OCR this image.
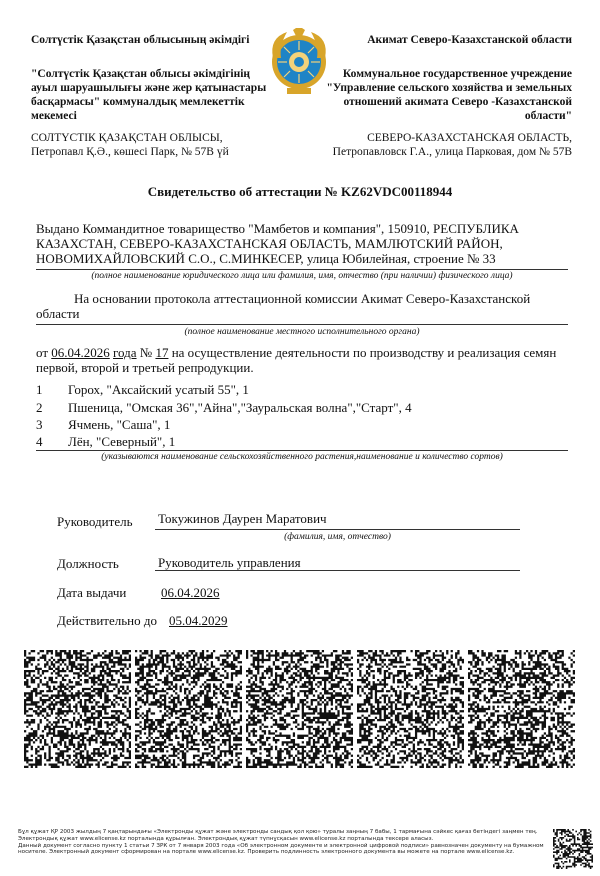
Солтүстік Қазақстан облысының әкімдігі
"Солтүстік Қазақстан облысы әкімдігінің ауыл шаруашылығы және жер қатынастары басқармасы" коммуналдық мемлекеттік мекемесі
СОЛТҮСТІК ҚАЗАҚСТАН ОБЛЫСЫ, Петропавл Қ.Ә., көшесі Парк, № 57В үй
Акимат Северо-Казахстанской области
Коммунальное государственное учреждение "Управление сельского хозяйства и земельных отношений акимата Северо -Казахстанской области"
СЕВЕРО-КАЗАХСТАНСКАЯ ОБЛАСТЬ, Петропавловск Г.А., улица Парковая, дом № 57В
Свидетельство об аттестации № KZ62VDC00118944
Выдано Коммандитное товарищество "Мамбетов и компания", 150910, РЕСПУБЛИКА КАЗАХСТАН, СЕВЕРО-КАЗАХСТАНСКАЯ ОБЛАСТЬ, МАМЛЮТСКИЙ РАЙОН, НОВОМИХАЙЛОВСКИЙ С.О., С.МИНКЕСЕР, улица Юбилейная, строение № 33
(полное наименование юридического лица или фамилия, имя, отчество (при наличии) физического лица)
На основании протокола аттестационной комиссии Акимат Северо-Казахстанской области
(полное наименование местного исполнительного органа)
от 06.04.2026 года № 17 на осуществление деятельности по производству и реализация семян первой, второй и третьей репродукции.
1 Горох, "Аксайский усатый 55", 1
2 Пшеница, "Омская 36","Айна","Зауральская волна","Старт", 4
3 Ячмень, "Саша", 1
4 Лён, "Северный", 1
(указываются наименование сельскохозяйственного растения,наименование и количество сортов)
Руководитель Токужинов Даурен Маратович
(фамилия, имя, отчество)
Должность	Руководитель управления
Дата выдачи	06.04.2026
Действительно до 05.04.2029
Бұл құжат ҚР 2003 жылдың 7 қаңтарындағы «Электронды құжат және электронды сандық қол қою» туралы заңның 7 бабы, 1 тармағына сәйкес қағаз бетіндегі заңмен тең.
Электрондық құжат www.elicense.kz порталында құрылған. Электрондық құжат түпнұсқасын www.elicense.kz порталында тексере аласыз.
Данный документ согласно пункту 1 статьи 7 ЗРК от 7 января 2003 года «Об электронном документе и электронной цифровой подписи» равнозначен документу на бумажном
носителе. Электронный документ сформирован на портале www.elicense.kz. Проверить подлинность электронного документа вы можете на портале www.elicense.kz.
